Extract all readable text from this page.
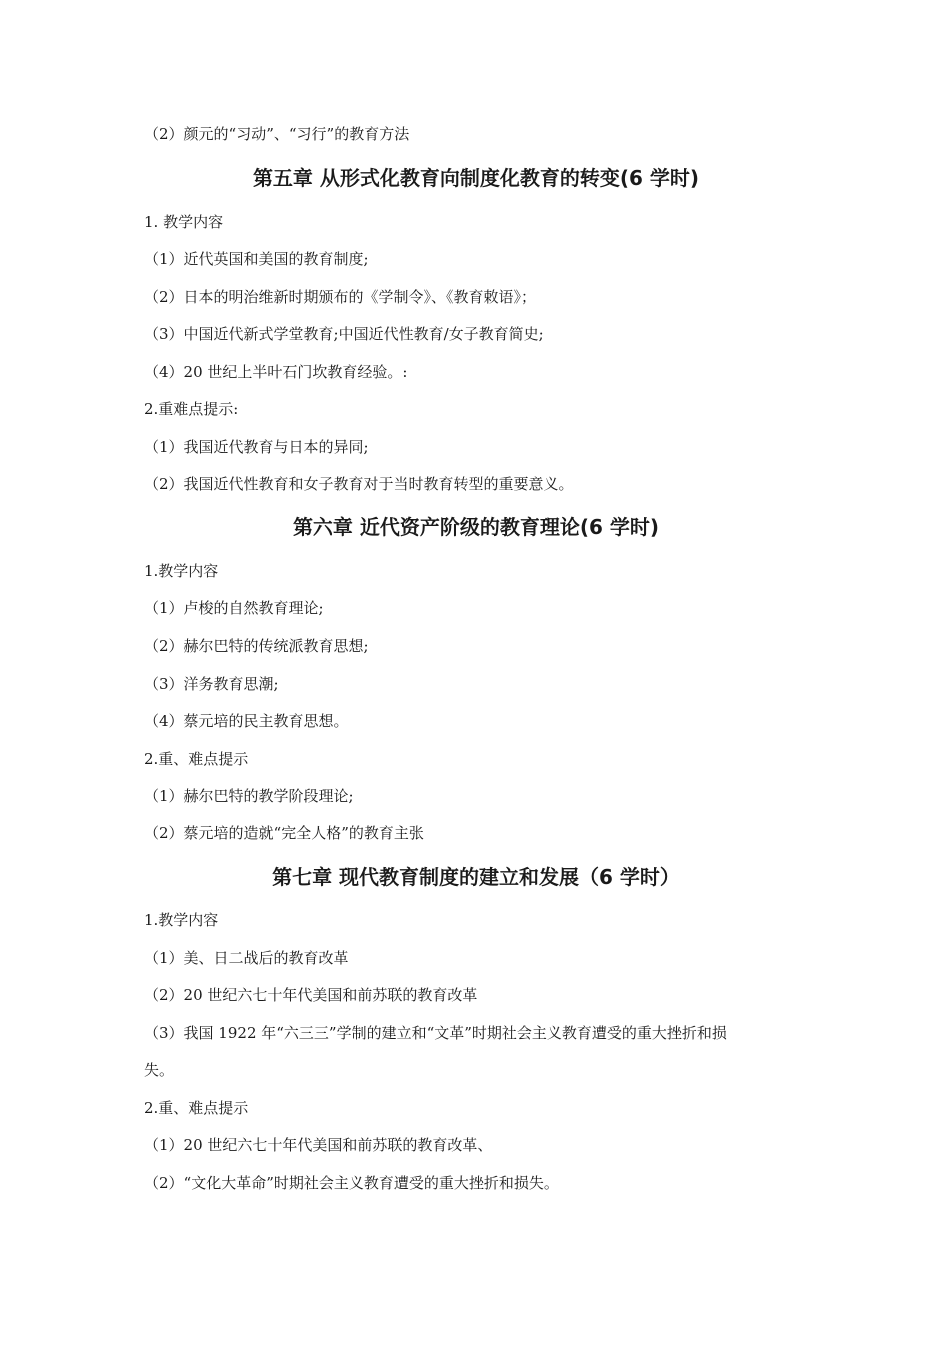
（2）颜元的“习动”、“习行”的教育方法
第五章 从形式化教育向制度化教育的转变(6 学时)
1. 教学内容
（1）近代英国和美国的教育制度;
（2）日本的明治维新时期颁布的《学制令》、《教育敕语》；
（3）中国近代新式学堂教育;中国近代性教育/女子教育简史;
（4）20 世纪上半叶石门坎教育经验。:
2.重难点提示:
（1）我国近代教育与日本的异同;
（2）我国近代性教育和女子教育对于当时教育转型的重要意义。
第六章 近代资产阶级的教育理论(6 学时)
1.教学内容
（1）卢梭的自然教育理论;
（2）赫尔巴特的传统派教育思想;
（3）洋务教育思潮;
（4）蔡元培的民主教育思想。
2.重、难点提示
（1）赫尔巴特的教学阶段理论;
（2）蔡元培的造就“完全人格”的教育主张
第七章 现代教育制度的建立和发展（6 学时）
1.教学内容
（1）美、日二战后的教育改革
（2）20 世纪六七十年代美国和前苏联的教育改革
（3）我国 1922 年“六三三”学制的建立和“文革”时期社会主义教育遭受的重大挫折和损
失。
2.重、难点提示
（1）20 世纪六七十年代美国和前苏联的教育改革、
（2）“文化大革命”时期社会主义教育遭受的重大挫折和损失。
